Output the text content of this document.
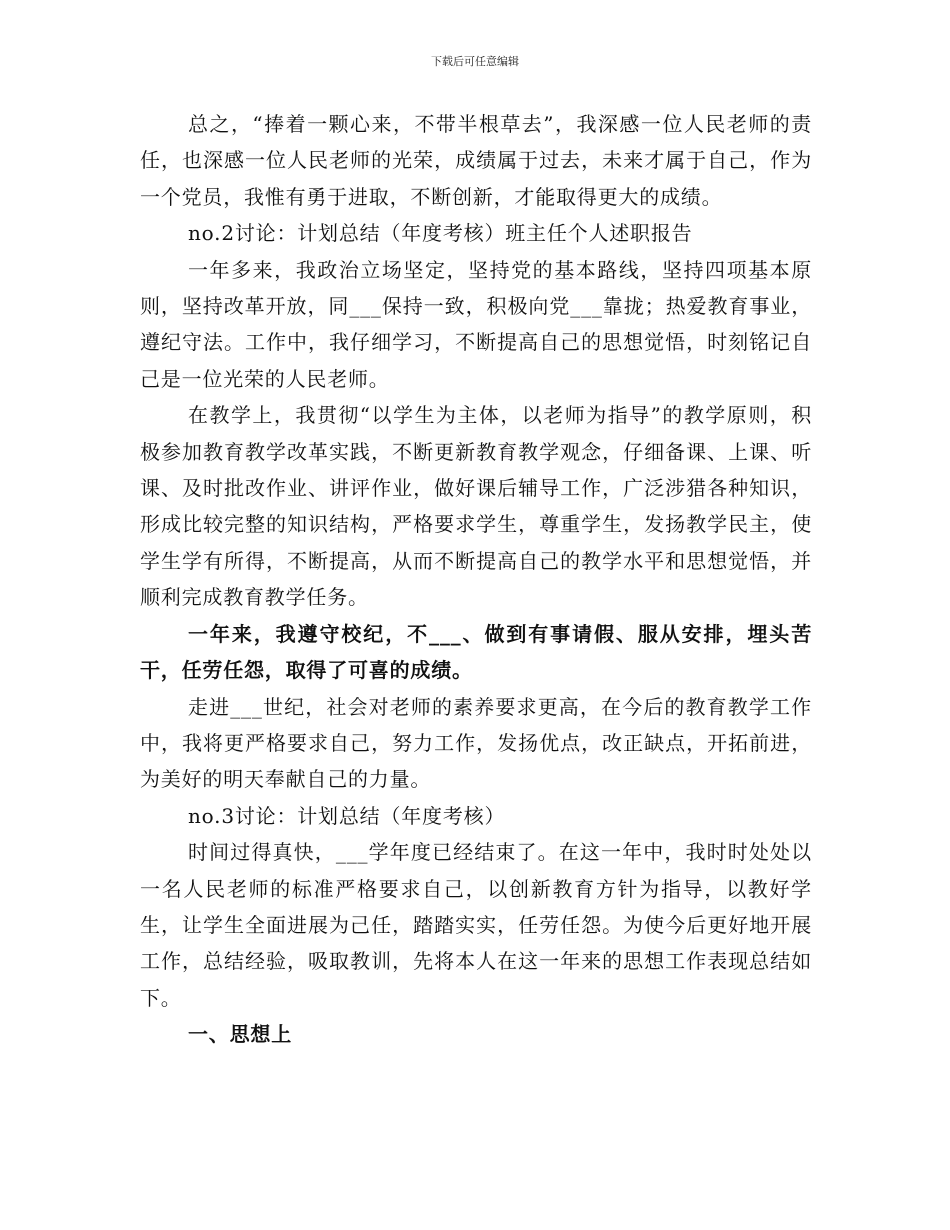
下载后可任意编辑

总之，“捧着一颗心来，不带半根草去”，我深感一位人民老师的责任，也深感一位人民老师的光荣，成绩属于过去，未来才属于自己，作为一个党员，我惟有勇于进取，不断创新，才能取得更大的成绩。

no.2讨论：计划总结（年度考核）班主任个人述职报告

一年多来，我政治立场坚定，坚持党的基本路线，坚持四项基本原则，坚持改革开放，同___保持一致，积极向党___靠拢；热爱教育事业，遵纪守法。工作中，我仔细学习，不断提高自己的思想觉悟，时刻铭记自己是一位光荣的人民老师。

在教学上，我贯彻“以学生为主体，以老师为指导”的教学原则，积极参加教育教学改革实践，不断更新教育教学观念，仔细备课、上课、听课、及时批改作业、讲评作业，做好课后辅导工作，广泛涉猎各种知识，形成比较完整的知识结构，严格要求学生，尊重学生，发扬教学民主，使学生学有所得，不断提高，从而不断提高自己的教学水平和思想觉悟，并顺利完成教育教学任务。

一年来，我遵守校纪，不___、做到有事请假、服从安排，埋头苦干，任劳任怨，取得了可喜的成绩。

走进___世纪，社会对老师的素养要求更高，在今后的教育教学工作中，我将更严格要求自己，努力工作，发扬优点，改正缺点，开拓前进，为美好的明天奉献自己的力量。

no.3讨论：计划总结（年度考核）

时间过得真快，___学年度已经结束了。在这一年中，我时时处处以一名人民老师的标准严格要求自己，以创新教育方针为指导，以教好学生，让学生全面进展为己任，踏踏实实，任劳任怨。为使今后更好地开展工作，总结经验，吸取教训，先将本人在这一年来的思想工作表现总结如下。

一、思想上
